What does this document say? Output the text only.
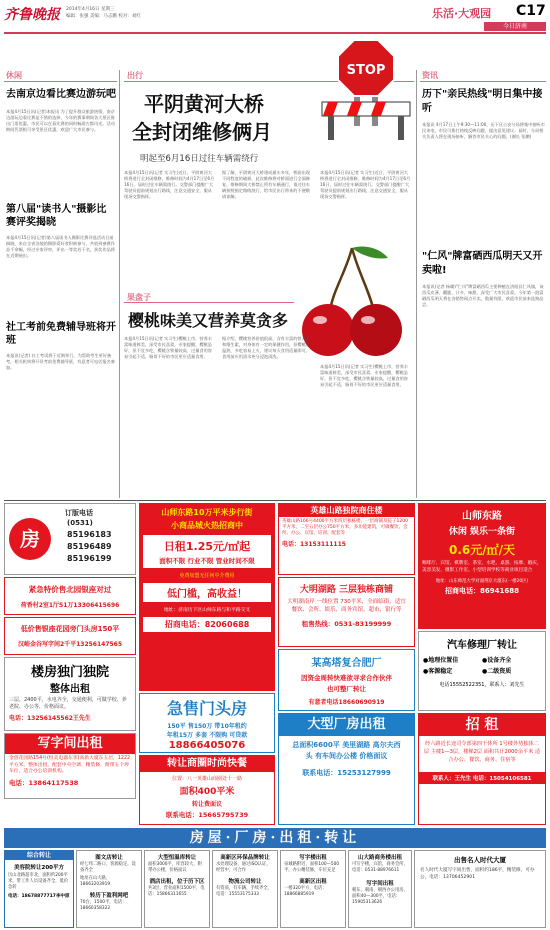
齐鲁晚报 2014年4月16日 星期三
编辑：张强 美编：马志鹏 校对：刘红	乐活·大观园 C17
今日济南
休闲	出行	资讯
STOP
去南京边看比赛边游玩吧
本报4月15日讯(记者)本报讯 为了提升群众旅游热情，南京边游玩边看比赛是不错的选择，今年的赛事期间各大景区推出门票优惠，市民可以在看比赛的同时畅游古都风光。活动期间凭票根可享受景区优惠，欢迎广大市民参与。
第八届"读书人"摄影比赛评奖揭晓
本报4月15日讯(记者)第八届读书人摄影比赛评选活动日前揭晓，来自全省各地的摄影爱好者积极参与，共收到参赛作品千余幅，经过专家评审，评出一等奖若干名，获奖作品将在近期展出。
社工考前免费辅导班将开班
本报讯(记者) 社工考试将于近期举行，为帮助考生更好备考，相关机构将开设考前免费辅导班，有意者可电话报名参加。
平阴黄河大桥
全封闭维修俩月
明起至6月16日过往车辆需绕行
本报4月15日讯(记者 实习生)近日，平阴黄河大桥将进行全封闭维修，维修时间为4月17日至6月16日，届时过往车辆需绕行。交警部门提醒广大驾驶员提前规划出行路线，注意交通安全，服从现场交警指挥。
据了解，平阴黄河大桥建成通车多年，桥面出现不同程度的破损，此次维修将对桥面进行全面修复，维修期间大桥禁止所有车辆通行，请过往车辆按照指定路线绕行，给市民出行带来的不便敬请谅解。
本报4月15日讯(记者 实习生)近日，平阴黄河大桥将进行全封闭维修，维修时间为4月17日至6月16日，届时过往车辆需绕行。交警部门提醒广大驾驶员提前规划出行路线，注意交通安全，服从现场交警指挥。
果盘子
樱桃味美又营养莫贪多
本报4月15日讯(记者 实习生)樱桃上市，营养丰富味道鲜美，深受市民喜爱。专家提醒，樱桃虽好，但不宜多吃，樱桃含铁量较高，过量食用容易引起不适，肠胃不好的市民更应适量食用。
据介绍，樱桃营养价值很高，含有丰富的铁元素和维生素，对身体有一定的保健作用，但樱桃性温热，多吃容易上火，建议每天食用适量即可，食用前应用清水充分浸泡清洗。
本报4月15日讯(记者 实习生)樱桃上市，营养丰富味道鲜美，深受市民喜爱。专家提醒，樱桃虽好，但不宜多吃，樱桃含铁量较高，过量食用容易引起不适，肠胃不好的市民更应适量食用。
历下"亲民热线"明日集中接听
本报讯 4月17日上午9:30—11:00，历下区公安分局将集中接听市民来电，市民可拨打热线反映问题、提出意见建议。届时，分局相关负责人将在现场接听，解答市民关心的问题。(谢长 张鹏)
"仁风"牌富硒西瓜明天又开卖啦!
本报讯(记者 杨璐)"仁风"牌富硒西瓜主要种植在济阳县仁风镇，该西瓜皮薄、瓤脆、汁多、味甜，深受广大市民喜爱。今年第一批富硒西瓜明天将在各销售网点开卖，数量有限，欢迎市民前来选购品尝。
房
订版电话
(0531)
85196183
85196489
85196199
紧急特价售北园银座对过
荷香村2室1厅51万13306415696
低价售银座花园旁门头房150平
汉峪金谷写字间2千平13256147565
楼房独门独院
整体出租
三层，2400平，水电齐全，交通便利，可做学校、养老院、办公等，价格面议。
电话：13256145562王先生
写字间出租
金创花园路154号(恒美电器东邻)高新大厦东五层，1222平方米，整体出租，配套中央空调、精装修，附带五个停车位，适合办公培训机构。
电话：13864117538
山师东路10万平米步行街
小商品城火热招商中
日租1.25元/㎡起
面积不限 行业不限 管业时间不限
免费加盟无任何中介费用
低门槛，高收益！
地址：济南历下区山师东路与和平路交叉
招商电话：82060688
急售门头房
150平 售150万 带10年租约
年租15万 多套 不限购 可贷款
18866405076
转让商圈时尚快餐
位置：八一英雄山商圈处十一路
面积400平米
转让费面议
联系电话：15665795739
英雄山路独院商住楼
英雄山路166号4400平方米四层独栋楼，一层商铺及院子1200平方米，二至五层办公750平方米，多功能建筑，可做餐饮、会所、办公、宾馆、培训、配套等
电话：13153111115
大明湖路 三层独栋商铺
大明湖南岸 一线位置 730平米，全面临街，适宜餐饮、会所、娱乐、商务宾馆、超市、银行等
租售热线：0531-83199999
某高塔复合肥厂
因资金周转快难欲寻求合作伙伴
也可整厂转让
有意者电话18660690919
大型厂房出租
总面积6600平 美里湖路 高尔夫西头 有车间办公楼 价格面议
联系电话：15253127999
山师东路
休闲 娱乐一条街
0.6元/㎡/天
咖啡厅、宾馆、棋牌室、茶室、水吧、桌游、按摩、婚庆、美容美发、摄影工作室、小型培训学校等商业项目适合
地址：山东师范大学对面荆京大厦东(一楼20区)
招商电话：86941688
汽车修理厂转让
●地理位置佳	●设备齐全
●客源稳定	●二级资质
电话15552522351，联系人：刘先生
招 租
经六路近长途司令部第四干休所 1号楼外势独体二层 主楼1—3层，楼梯2层 面积共计2000余平米 适合办公、餐饮、商务、住宿等
联系人：王先生 电话：15054106581
房屋·厂房·出租·转让
综合转让
美容院转让200平方
历山北路超市北，面积约200平米，带工作人员设备齐全，低价急转
电话：18678877717李中原
图文店转让
经七纬二路口，客源稳定，设备齐全
地址在山大路，18663203919
转历下盈利网吧
70台，1500平，电话：18660358322
大型恒温库转让
面积3000平，库容较大，附带办公楼，价格面议
酒店出租，位于历下区
共3层，营业面积1500平，电话：15866311655
高新区环保品牌转让
水处理设备，通过ISO认证，经营中，可合作
物流公司转让
有资质，有车辆，手续齐全，电话：15553175333
写字楼出租
泉城路附近，面积100—500平，办公精装修，车位充足
高新区出租
一楼320平方，电话：18866885919
山大路商务楼出租
可写字楼，宾馆，商务会所，电话：0531-88976611
写字间出租
朝东、朝南、朝西办公用房，面积40—300平，电话：15905313626
出售名人时代大厦
名人时代大厦写字间出售，面积约186平，精装修，可办公，电话：13706452901
